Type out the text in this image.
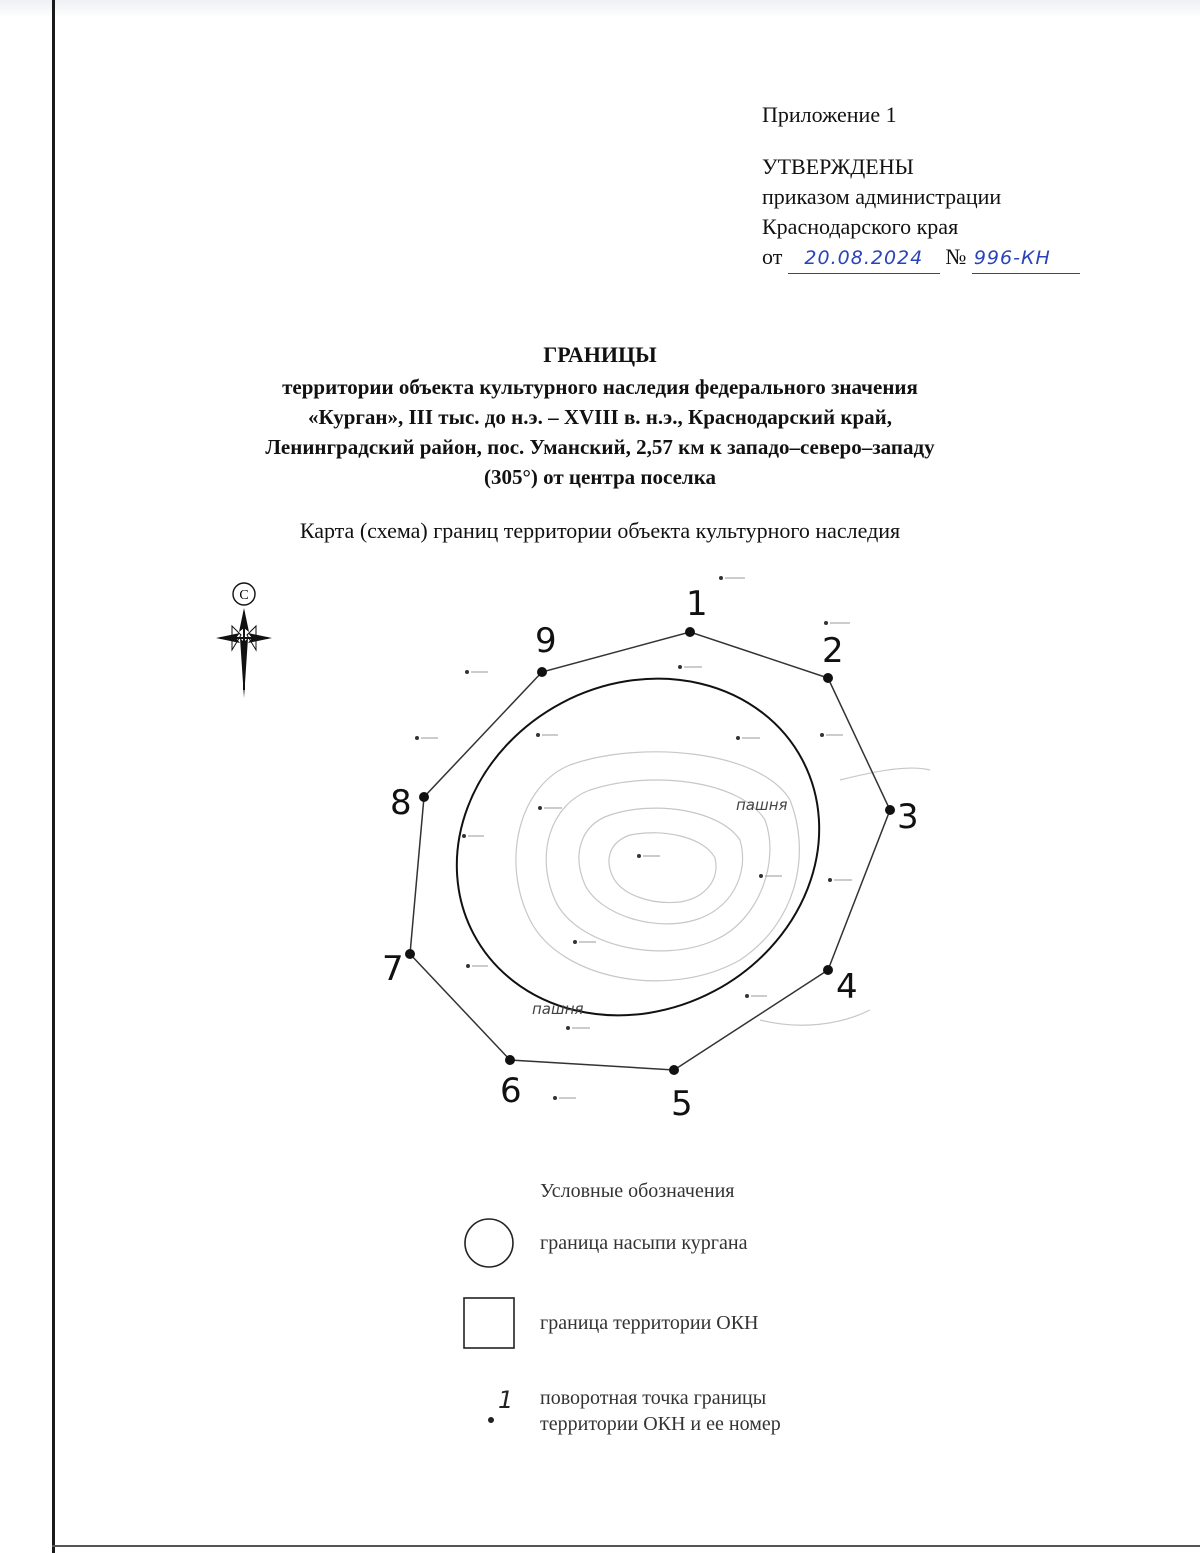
Приложение 1
УТВЕРЖДЕНЫ
приказом администрации
Краснодарского края
от 20.08.2024 № 996-КН
ГРАНИЦЫ
территории объекта культурного наследия федерального значения
«Курган», III тыс. до н.э. – XVIII в. н.э., Краснодарский край,
Ленинградский район, пос. Уманский, 2,57 км к западо–северо–западу
(305°) от центра поселка
Карта (схема) границ территории объекта культурного наследия
С	1
2
3
4
5
6
7
8
9
пашня
пашня
Условные обозначения
граница насыпи кургана
граница территории ОКН
1 поворотная точка границы
территории ОКН и ее номер
